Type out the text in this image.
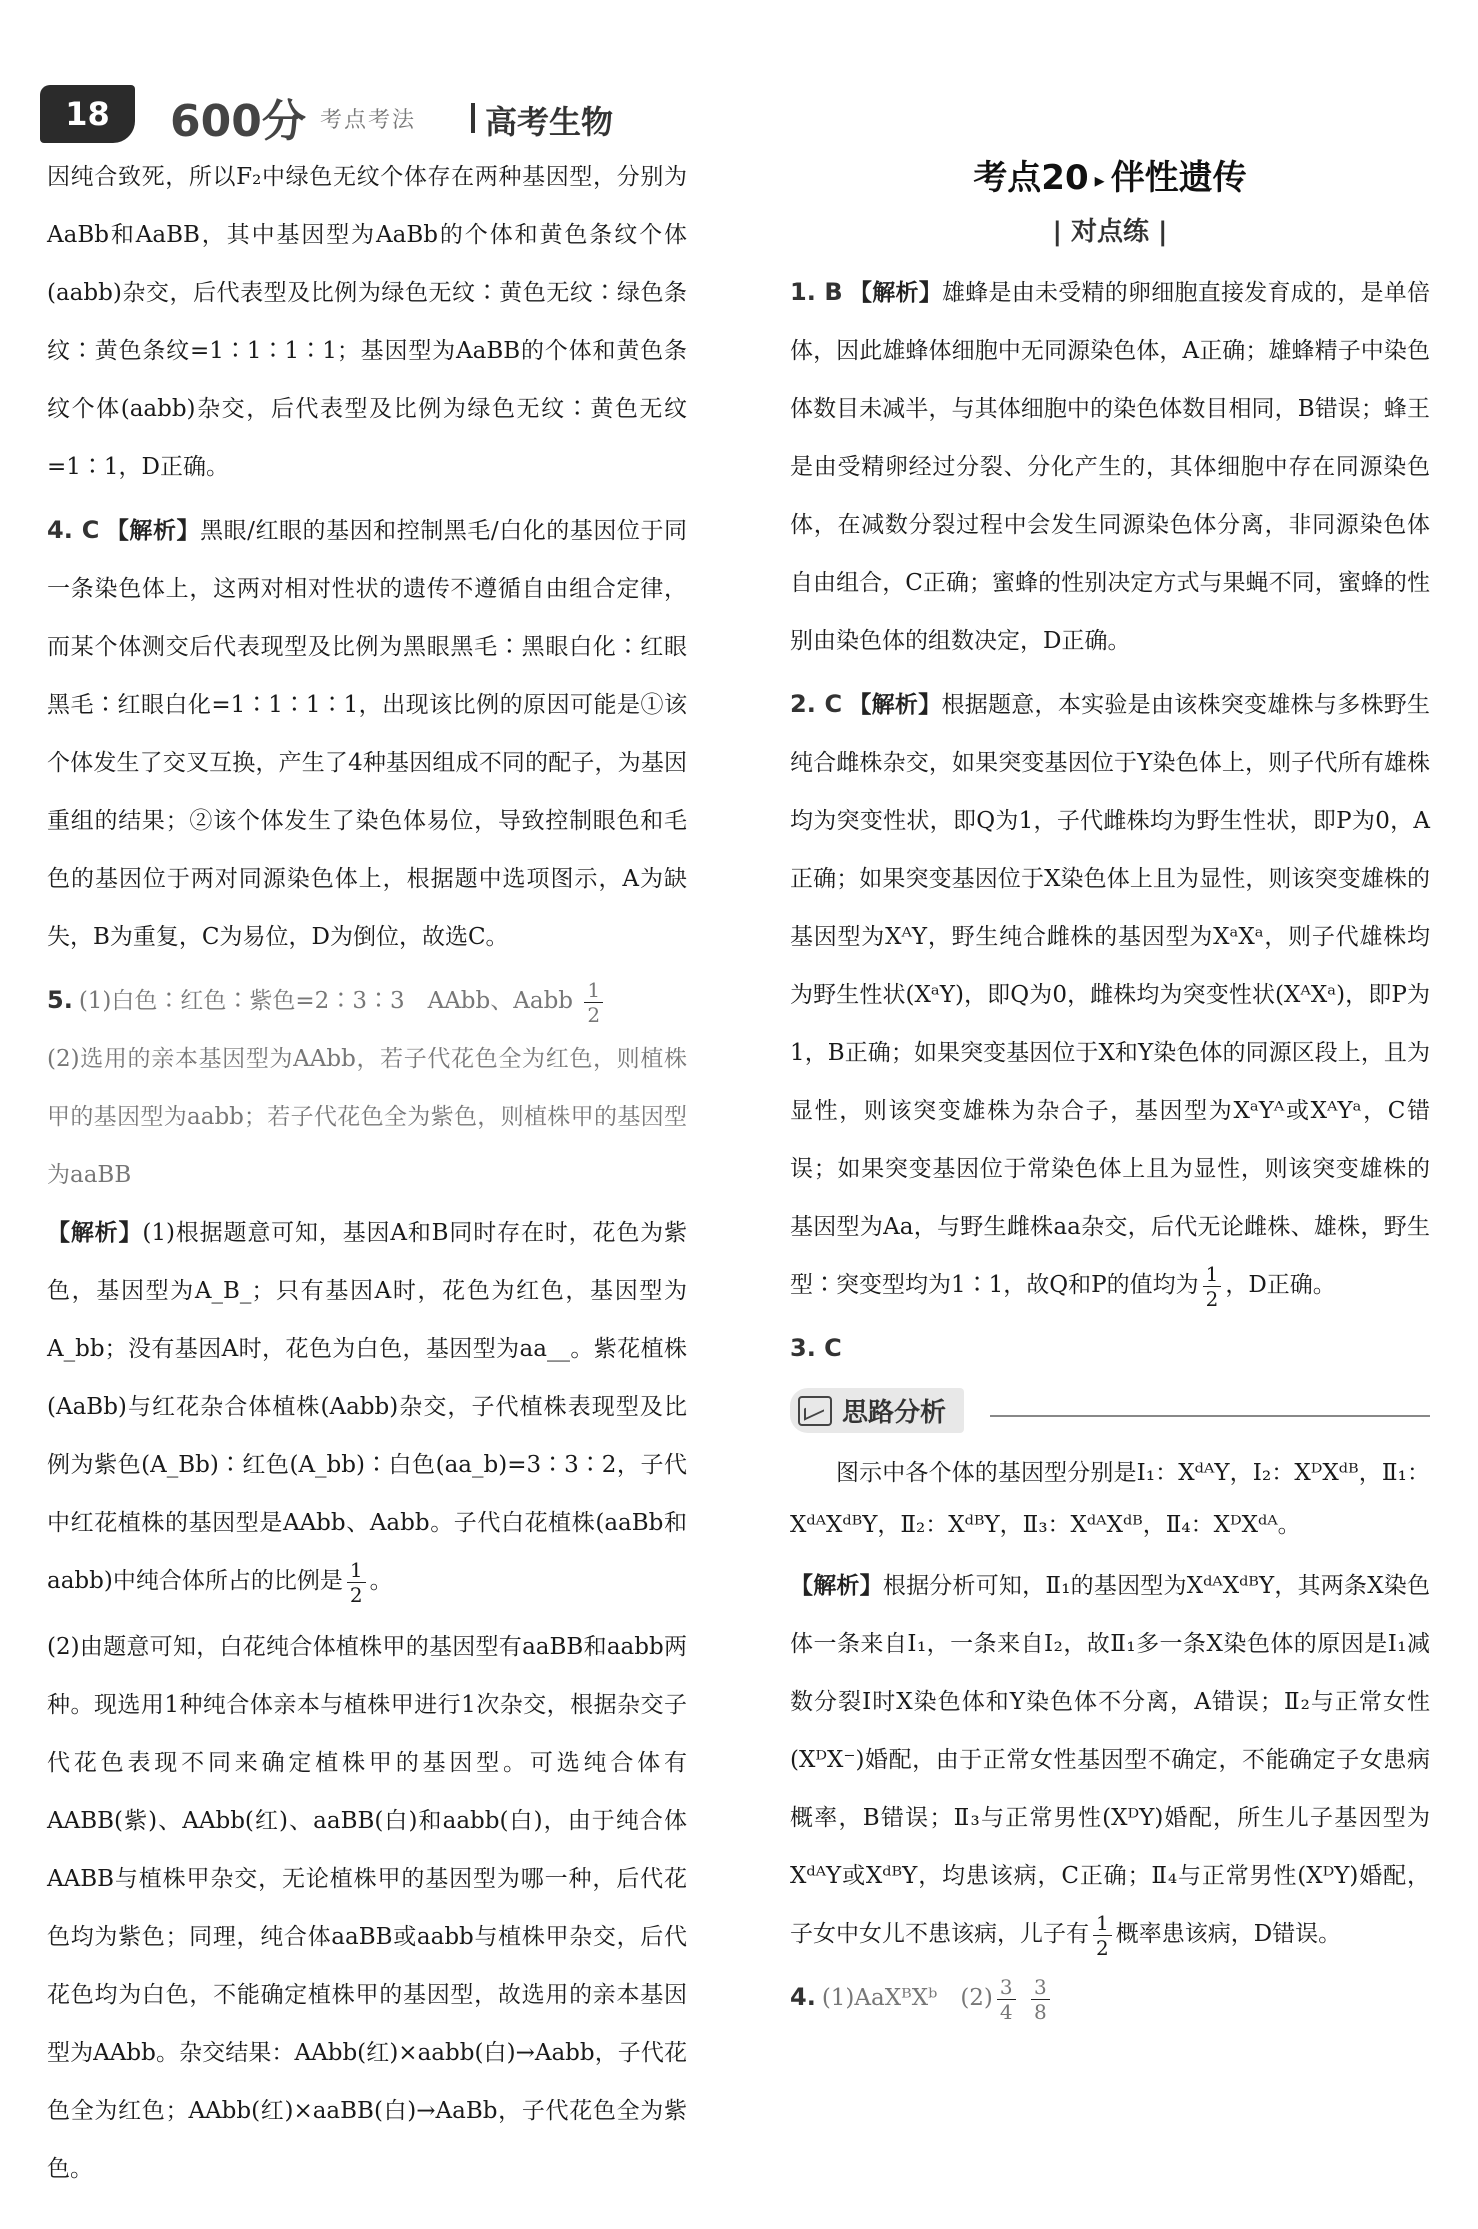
18	600分 考点考法 高考生物

因纯合致死，所以F₂中绿色无纹个体存在两种基因型，分别为AaBb和AaBB，其中基因型为AaBb的个体和黄色条纹个体(aabb)杂交，后代表型及比例为绿色无纹∶黄色无纹∶绿色条纹∶黄色条纹=1∶1∶1∶1；基因型为AaBB的个体和黄色条纹个体(aabb)杂交，后代表型及比例为绿色无纹∶黄色无纹=1∶1，D正确。

4. C 【解析】黑眼/红眼的基因和控制黑毛/白化的基因位于同一条染色体上，这两对相对性状的遗传不遵循自由组合定律，而某个体测交后代表现型及比例为黑眼黑毛∶黑眼白化∶红眼黑毛∶红眼白化=1∶1∶1∶1，出现该比例的原因可能是①该个体发生了交叉互换，产生了4种基因组成不同的配子，为基因重组的结果；②该个体发生了染色体易位，导致控制眼色和毛色的基因位于两对同源染色体上，根据题中选项图示，A为缺失，B为重复，C为易位，D为倒位，故选C。

5. (1)白色∶红色∶紫色=2∶3∶3　AAbb、Aabb $\frac{1}{2}$

(2)选用的亲本基因型为AAbb，若子代花色全为红色，则植株甲的基因型为aabb；若子代花色全为紫色，则植株甲的基因型为aaBB

【解析】(1)根据题意可知，基因A和B同时存在时，花色为紫色，基因型为A_B_；只有基因A时，花色为红色，基因型为A_bb；没有基因A时，花色为白色，基因型为aa__。紫花植株(AaBb)与红花杂合体植株(Aabb)杂交，子代植株表现型及比例为紫色(A_Bb)∶红色(A_bb)∶白色(aa_b)=3∶3∶2，子代中红花植株的基因型是AAbb、Aabb。子代白花植株(aaBb和aabb)中纯合体所占的比例是 $\frac{1}{2}$ 。

(2)由题意可知，白花纯合体植株甲的基因型有aaBB和aabb两种。现选用1种纯合体亲本与植株甲进行1次杂交，根据杂交子代花色表现不同来确定植株甲的基因型。可选纯合体有AABB(紫)、AAbb(红)、aaBB(白)和aabb(白)，由于纯合体AABB与植株甲杂交，无论植株甲的基因型为哪一种，后代花色均为紫色；同理，纯合体aaBB或aabb与植株甲杂交，后代花色均为白色，不能确定植株甲的基因型，故选用的亲本基因型为AAbb。杂交结果：AAbb(红)×aabb(白)→Aabb，子代花色全为红色；AAbb(红)×aaBB(白)→AaBb，子代花色全为紫色。

考点20 ▸ 伴性遗传
| 对点练 |

1. B 【解析】雄蜂是由未受精的卵细胞直接发育成的，是单倍体，因此雄蜂体细胞中无同源染色体，A正确；雄蜂精子中染色体数目未减半，与其体细胞中的染色体数目相同，B错误；蜂王是由受精卵经过分裂、分化产生的，其体细胞中存在同源染色体，在减数分裂过程中会发生同源染色体分离，非同源染色体自由组合，C正确；蜜蜂的性别决定方式与果蝇不同，蜜蜂的性别由染色体的组数决定，D正确。

2. C 【解析】根据题意，本实验是由该株突变雄株与多株野生纯合雌株杂交，如果突变基因位于Y染色体上，则子代所有雄株均为突变性状，即Q为1，子代雌株均为野生性状，即P为0，A正确；如果突变基因位于X染色体上且为显性，则该突变雄株的基因型为XᴬY，野生纯合雌株的基因型为XᵃXᵃ，则子代雄株均为野生性状(XᵃY)，即Q为0，雌株均为突变性状(XᴬXᵃ)，即P为1，B正确；如果突变基因位于X和Y染色体的同源区段上，且为显性，则该突变雄株为杂合子，基因型为XᵃYᴬ或XᴬYᵃ，C错误；如果突变基因位于常染色体上且为显性，则该突变雄株的基因型为Aa，与野生雌株aa杂交，后代无论雌株、雄株，野生型∶突变型均为1∶1，故Q和P的值均为 $\frac{1}{2}$ ，D正确。

3. C

思路分析

图示中各个体的基因型分别是Ⅰ₁：XᵈᴬY，Ⅰ₂：XᴰXᵈᴮ，Ⅱ₁：XᵈᴬXᵈᴮY，Ⅱ₂：XᵈᴮY，Ⅱ₃：XᵈᴬXᵈᴮ，Ⅱ₄：XᴰXᵈᴬ。

【解析】根据分析可知，Ⅱ₁的基因型为XᵈᴬXᵈᴮY，其两条X染色体一条来自Ⅰ₁，一条来自Ⅰ₂，故Ⅱ₁多一条X染色体的原因是Ⅰ₁减数分裂Ⅰ时X染色体和Y染色体不分离，A错误；Ⅱ₂与正常女性(XᴰX⁻)婚配，由于正常女性基因型不确定，不能确定子女患病概率，B错误；Ⅱ₃与正常男性(XᴰY)婚配，所生儿子基因型为XᵈᴬY或XᵈᴮY，均患该病，C正确；Ⅱ₄与正常男性(XᴰY)婚配，子女中女儿不患该病，儿子有 $\frac{1}{2}$ 概率患该病，D错误。

4. (1)AaXᴮXᵇ　$(2) \frac{3}{4}$
$\frac{3}{8}$
